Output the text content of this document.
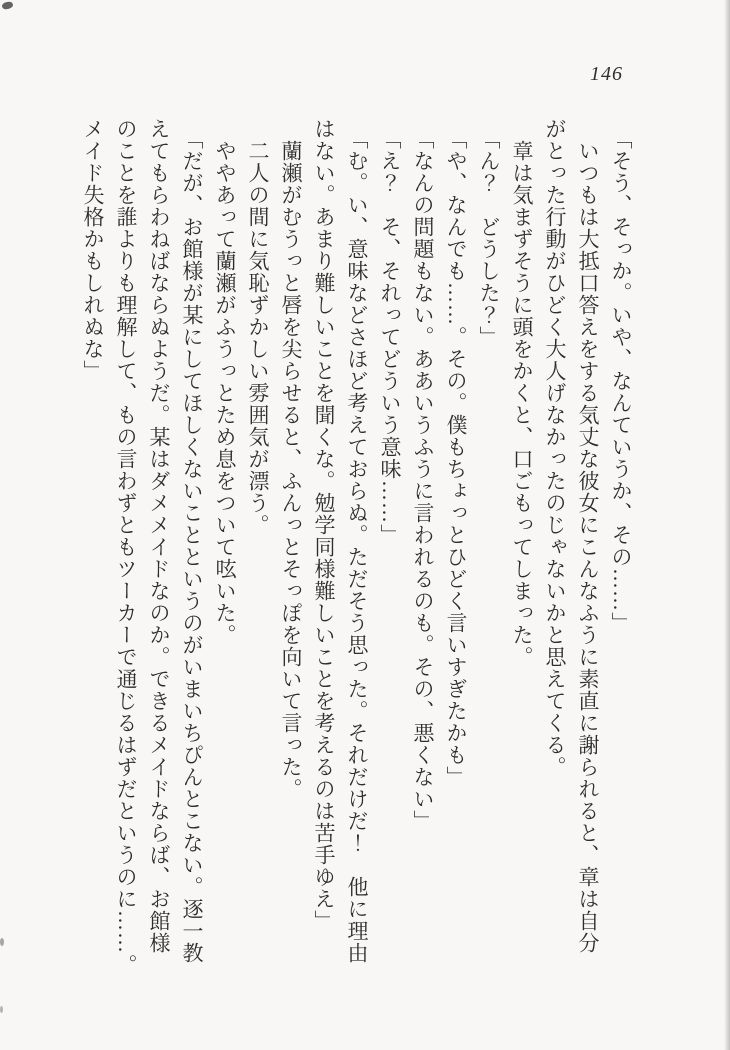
146

「そう、そっか。いや、なんていうか、その……」

いつもは大抵口答えをする気丈な彼女にこんなふうに素直に謝られると、章は自分

がとった行動がひどく大人げなかったのじゃないかと思えてくる。

章は気まずそうに頭をかくと、口ごもってしまった。

「ん？　どうした？」

「や、なんでも……。その。僕もちょっとひどく言いすぎたかも」

「なんの問題もない。ああいうふうに言われるのも。その、悪くない」

「え？　そ、それってどういう意味……」

「む。い、意味などさほど考えておらぬ。ただそう思った。それだけだ！　他に理由

はない。あまり難しいことを聞くな。勉学同様難しいことを考えるのは苦手ゆえ」

蘭瀬がむうっと唇を尖らせると、ふんっとそっぽを向いて言った。

二人の間に気恥ずかしい雰囲気が漂う。

ややあって蘭瀬がふうっとため息をついて呟いた。

「だが、お館様が某にしてほしくないことというのがいまいちぴんとこない。逐一教

えてもらわねばならぬようだ。某はダメメイドなのか。できるメイドならば、お館様

のことを誰よりも理解して、もの言わずともツーカーで通じるはずだというのに……。

メイド失格かもしれぬな」
